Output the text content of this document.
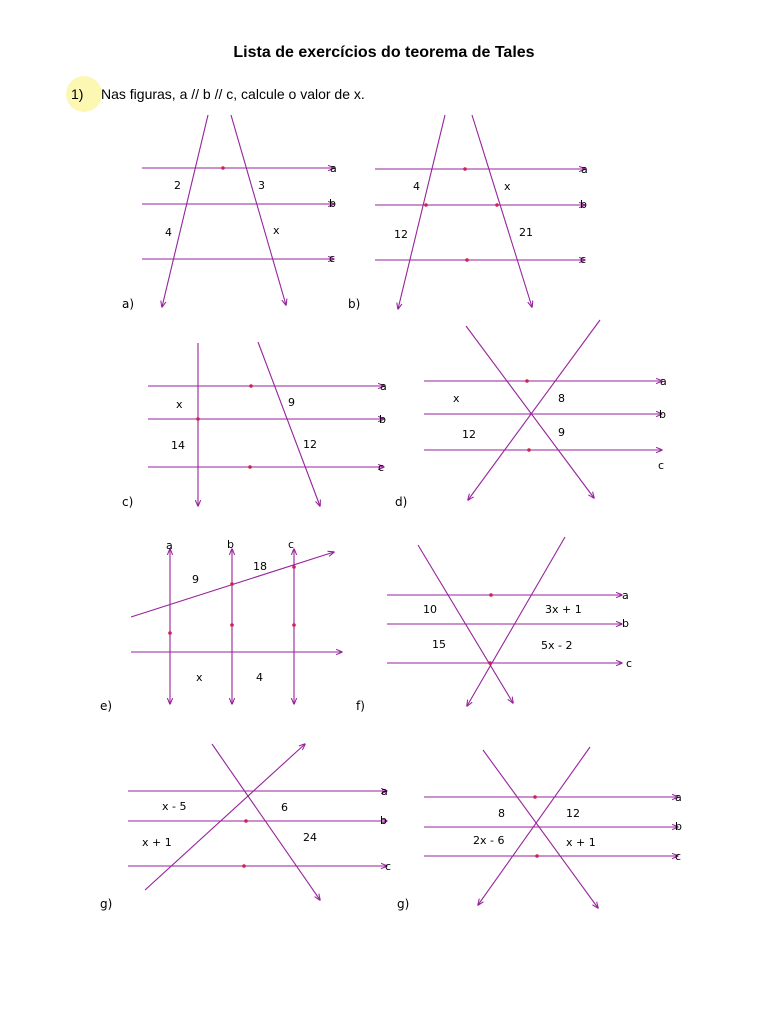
Lista de exercícios do teorema de Tales
1) Nas figuras, a // b // c, calcule o valor de x.
a
b
c
2	3
4	x
a)
a
b
c
4	x
12	21
b)
a
b
c
x	9
14	12
c)
a
b
c
x	8
12	9
d)
a	b	c
9
18
x	4
e)
a
b
c
10	3x + 1
15	5x - 2
f)
a
b
c
x - 5	6
x + 1	24
g)
a
b
c
8	12
2x - 6	x + 1
g)
